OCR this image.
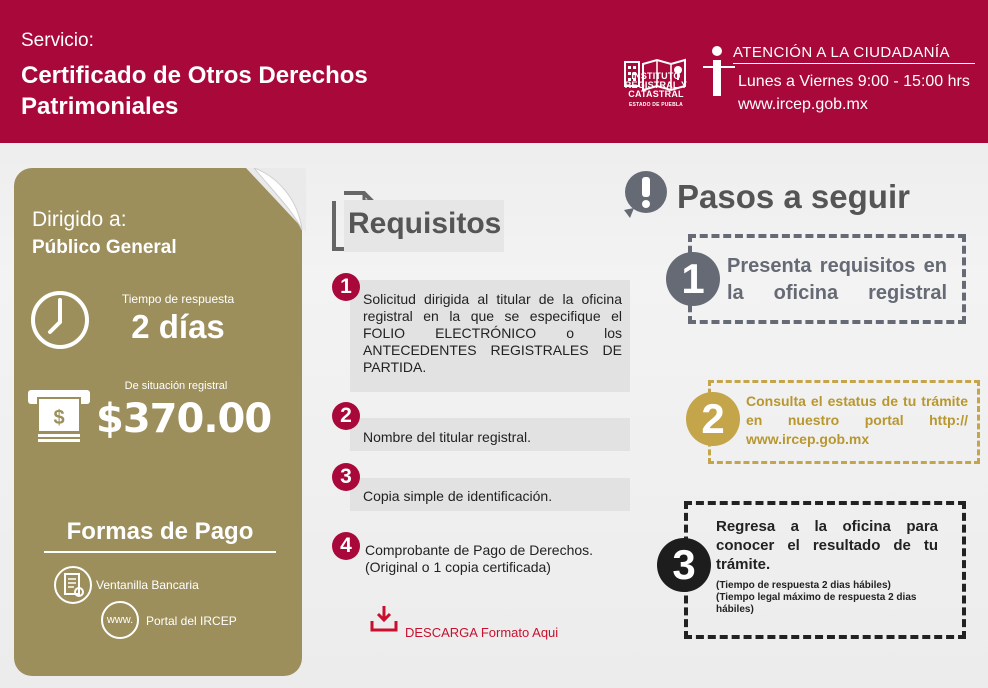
Servicio:
Certificado de Otros Derechos Patrimoniales
INSTITUTO
REGISTRAL Y
CATASTRAL
ESTADO DE PUEBLA
ATENCIÓN A LA CIUDADANÍA
Lunes a Viernes 9:00 - 15:00 hrs
www.ircep.gob.mx
Dirigido a:
Público General
Tiempo de respuesta
2 días
$
De situación registral
$370.00
Formas de Pago
Ventanilla Bancaria
www.	Portal del IRCEP
Requisitos
1
Solicitud dirigida al titular de la oficina registral en la que se especifique el FOLIO ELECTRÓNICO o los ANTECEDENTES REGISTRALES DE PARTIDA.
2
Nombre del titular registral.
3
Copia simple de identificación.
4 Comprobante de Pago de Derechos.
(Original o 1 copia certificada)
DESCARGA Formato Aqui
Pasos a seguir
1	Presenta requisitos en la oficina registral
2	Consulta el estatus de tu trámite en nuestro portal http:// www.ircep.gob.mx
3
Regresa a la oficina para conocer el resultado de tu trámite.
(Tiempo de respuesta 2 dias hábiles)
(Tiempo legal máximo de respuesta 2 dias hábiles)
